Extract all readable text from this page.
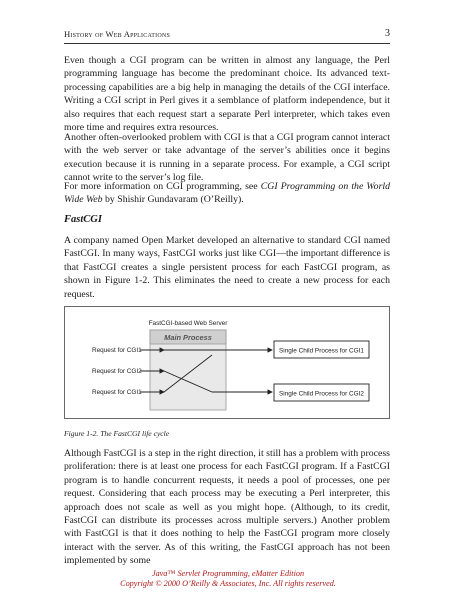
History of Web Applications	3

Even though a CGI program can be written in almost any language, the Perl programming language has become the predominant choice. Its advanced text-processing capabilities are a big help in managing the details of the CGI interface. Writing a CGI script in Perl gives it a semblance of platform independence, but it also requires that each request start a separate Perl interpreter, which takes even more time and requires extra resources.

Another often-overlooked problem with CGI is that a CGI program cannot interact with the web server or take advantage of the server’s abilities once it begins execution because it is running in a separate process. For example, a CGI script cannot write to the server’s log file.

For more information on CGI programming, see CGI Programming on the World Wide Web by Shishir Gundavaram (O’Reilly).

FastCGI

A company named Open Market developed an alternative to standard CGI named FastCGI. In many ways, FastCGI works just like CGI—the important difference is that FastCGI creates a single persistent process for each FastCGI program, as shown in Figure 1-2. This eliminates the need to create a new process for each request.

FastCGI-based Web Server
Main Process
Request for CGI1
Request for CGI2
Request for CGI1
Single Child Process for CGI1
Single Child Process for CGI2
Figure 1-2. The FastCGI life cycle

Although FastCGI is a step in the right direction, it still has a problem with process proliferation: there is at least one process for each FastCGI program. If a FastCGI program is to handle concurrent requests, it needs a pool of processes, one per request. Considering that each process may be executing a Perl interpreter, this approach does not scale as well as you might hope. (Although, to its credit, FastCGI can distribute its processes across multiple servers.) Another problem with FastCGI is that it does nothing to help the FastCGI program more closely interact with the server. As of this writing, the FastCGI approach has not been implemented by some

Java™ Servlet Programming, eMatter Edition
Copyright © 2000 O’Reilly & Associates, Inc. All rights reserved.
